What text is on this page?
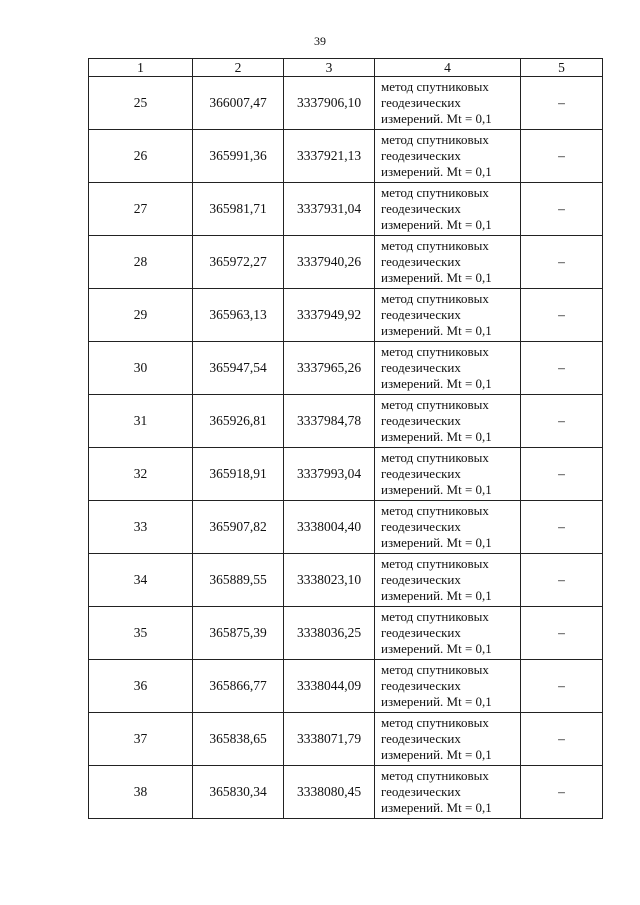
39
1	2	3	4	5
25	366007,47	3337906,10	метод спутниковых
геодезических
измерений. Mt = 0,1	–
26	365991,36	3337921,13	метод спутниковых
геодезических
измерений. Mt = 0,1	–
27	365981,71	3337931,04	метод спутниковых
геодезических
измерений. Mt = 0,1	–
28	365972,27	3337940,26	метод спутниковых
геодезических
измерений. Mt = 0,1	–
29	365963,13	3337949,92	метод спутниковых
геодезических
измерений. Mt = 0,1	–
30	365947,54	3337965,26	метод спутниковых
геодезических
измерений. Mt = 0,1	–
31	365926,81	3337984,78	метод спутниковых
геодезических
измерений. Mt = 0,1	–
32	365918,91	3337993,04	метод спутниковых
геодезических
измерений. Mt = 0,1	–
33	365907,82	3338004,40	метод спутниковых
геодезических
измерений. Mt = 0,1	–
34	365889,55	3338023,10	метод спутниковых
геодезических
измерений. Mt = 0,1	–
35	365875,39	3338036,25	метод спутниковых
геодезических
измерений. Mt = 0,1	–
36	365866,77	3338044,09	метод спутниковых
геодезических
измерений. Mt = 0,1	–
37	365838,65	3338071,79	метод спутниковых
геодезических
измерений. Mt = 0,1	–
38	365830,34	3338080,45	метод спутниковых
геодезических
измерений. Mt = 0,1	–
